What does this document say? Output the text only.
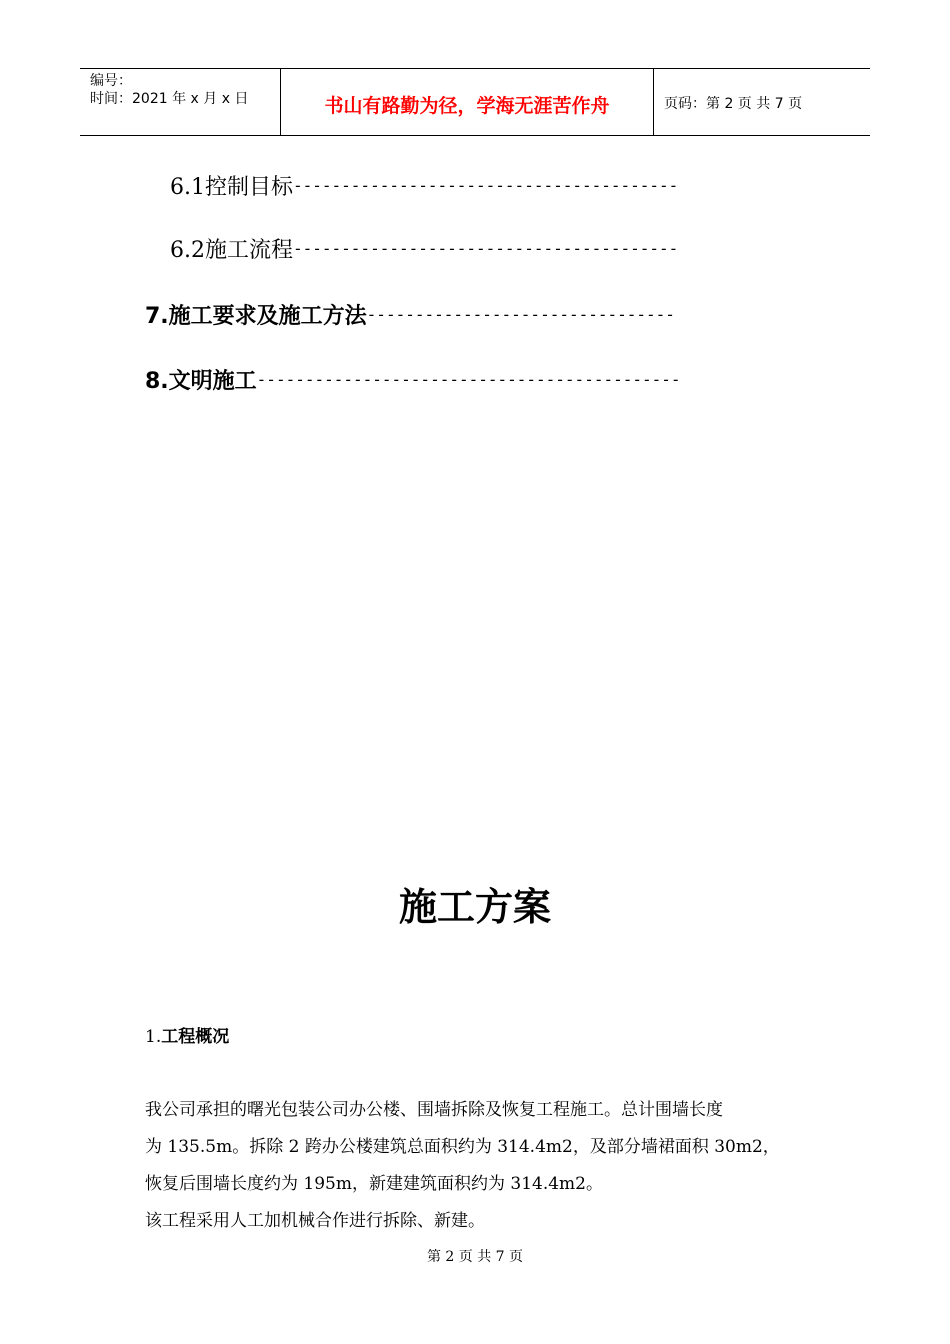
编号：
时间：2021 年 x 月 x 日	书山有路勤为径，学海无涯苦作舟	页码：第 2 页 共 7 页
6.1控制目标----------------------------------------
6.2施工流程----------------------------------------
7.施工要求及施工方法--------------------------------
8.文明施工--------------------------------------------
施工方案
1.工程概况
我公司承担的曙光包装公司办公楼、围墙拆除及恢复工程施工。总计围墙长度
为 135.5m。拆除 2 跨办公楼建筑总面积约为 314.4m2，及部分墙裙面积 30m2，
恢复后围墙长度约为 195m，新建建筑面积约为 314.4m2。
该工程采用人工加机械合作进行拆除、新建。
第 2 页 共 7 页
